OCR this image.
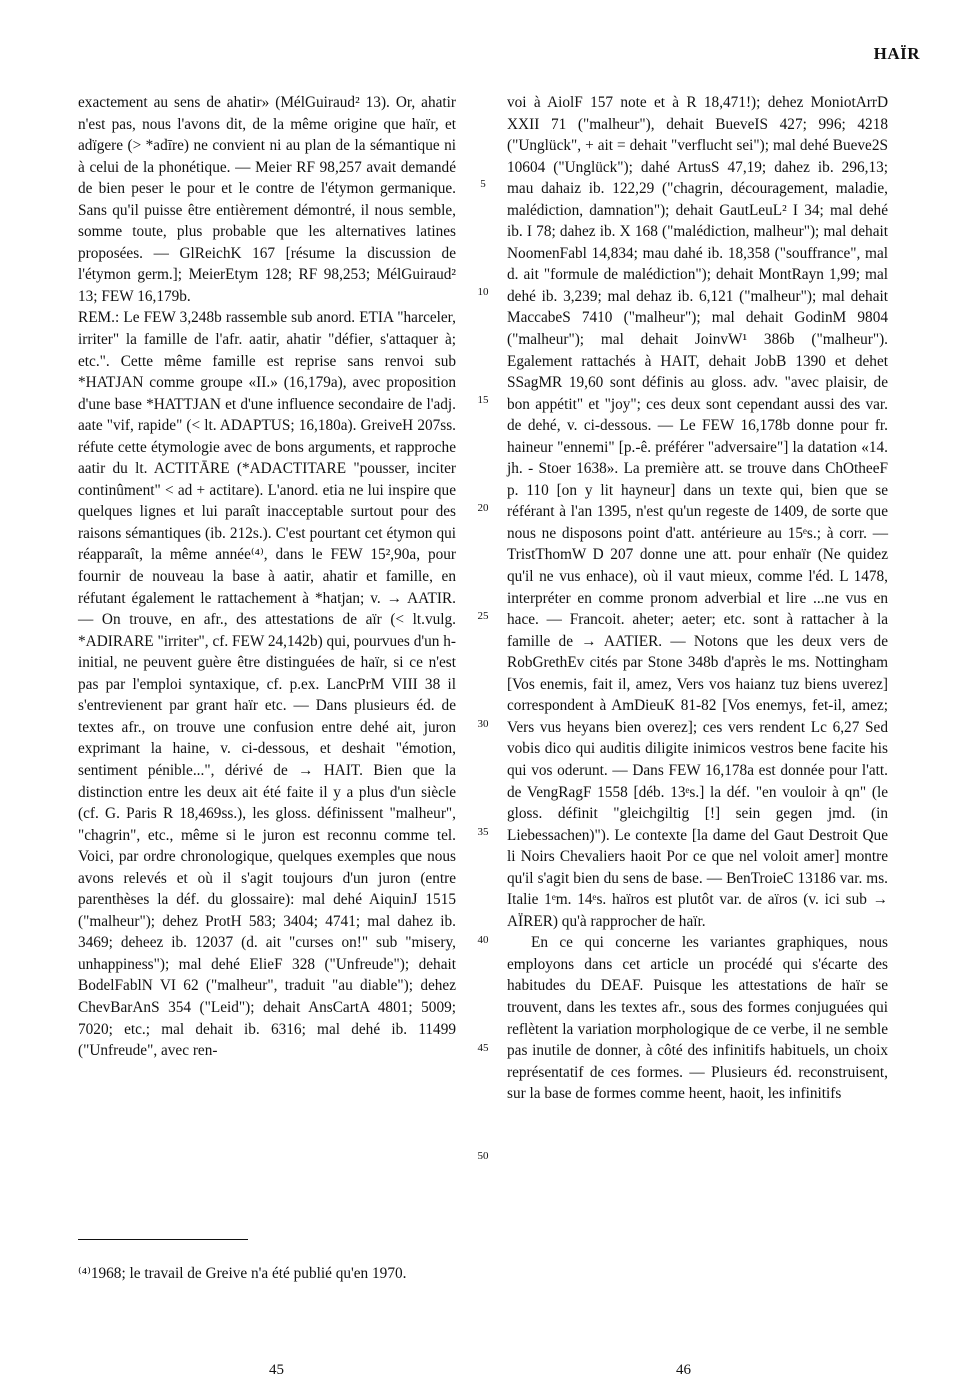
HAÏR

exactement au sens de ahatir» (MélGuiraud² 13). Or, ahatir n'est pas, nous l'avons dit, de la même origine que haïr, et adïgere (> *adīre) ne convient ni au plan de la sémantique ni à celui de la phonétique. — Meier RF 98,257 avait demandé de bien peser le pour et le contre de l'étymon germanique. Sans qu'il puisse être entièrement démontré, il nous semble, somme toute, plus probable que les alternatives latines proposées. — GlReichK 167 [résume la discussion de l'étymon germ.]; MeierEtym 128; RF 98,253; MélGuiraud² 13; FEW 16,179b.

REM.: Le FEW 3,248b rassemble sub anord. ETIA "harceler, irriter" la famille de l'afr. aatir, ahatir "défier, s'attaquer à; etc.". Cette même famille est reprise sans renvoi sub *HATJAN comme groupe «II.» (16,179a), avec proposition d'une base *HATTJAN et d'une influence secondaire de l'adj. aate "vif, rapide" (< lt. ADAPTUS; 16,180a). GreiveH 207ss. réfute cette étymologie avec de bons arguments, et rapproche aatir du lt. ACTITĀRE (*ADACTITARE "pousser, inciter continûment" < ad + actitare). L'anord. etia ne lui inspire que quelques lignes et lui paraît inacceptable surtout pour des raisons sémantiques (ib. 212s.). C'est pourtant cet étymon qui réapparaît, la même année⁽⁴⁾, dans le FEW 15²,90a, pour fournir de nouveau la base à aatir, ahatir et famille, en réfutant également le rattachement à *hatjan; v. → AATIR. — On trouve, en afr., des attestations de aïr (< lt.vulg. *ADIRARE "irriter", cf. FEW 24,142b) qui, pourvues d'un h-initial, ne peuvent guère être distinguées de haïr, si ce n'est pas par l'emploi syntaxique, cf. p.ex. LancPrM VIII 38 il s'entrevienent par grant haïr etc. — Dans plusieurs éd. de textes afr., on trouve une confusion entre dehé ait, juron exprimant la haine, v. ci-dessous, et deshait "émotion, sentiment pénible...", dérivé de → HAIT. Bien que la distinction entre les deux ait été faite il y a plus d'un siècle (cf. G. Paris R 18,469ss.), les gloss. définissent "malheur", "chagrin", etc., même si le juron est reconnu comme tel. Voici, par ordre chronologique, quelques exemples que nous avons relevés et où il s'agit toujours d'un juron (entre parenthèses la déf. du glossaire): mal dehé AiquinJ 1515 ("malheur"); dehez ProtH 583; 3404; 4741; mal dahez ib. 3469; deheez ib. 12037 (d. ait "curses on!" sub "misery, unhappiness"); mal dehé ElieF 328 ("Unfreude"); dehait BodelFablN VI 62 ("malheur", traduit "au diable"); dehez ChevBarAnS 354 ("Leid"); dehait AnsCartA 4801; 5009; 7020; etc.; mal dehait ib. 6316; mal dehé ib. 11499 ("Unfreude", avec ren-

5
10
15
20
25
30
35
40
45
50

voi à AiolF 157 note et à R 18,471!); dehez MoniotArrD XXII 71 ("malheur"), dehait BueveIS 427; 996; 4218 ("Unglück", + ait = dehait "verflucht sei"); mal dehé Bueve2S 10604 ("Unglück"); dahé ArtusS 47,19; dahez ib. 296,13; mau dahaiz ib. 122,29 ("chagrin, découragement, maladie, malédiction, damnation"); dehait GautLeuL² I 34; mal dehé ib. I 78; dahez ib. X 168 ("malédiction, malheur"); mal dehait NoomenFabl 14,834; mau dahé ib. 18,358 ("souffrance", mal d. ait "formule de malédiction"); dehait MontRayn 1,99; mal dehé ib. 3,239; mal dehaz ib. 6,121 ("malheur"); mal dehait MaccabeS 7410 ("malheur"); mal dehait GodinM 9804 ("malheur"); mal dehait JoinvW¹ 386b ("malheur"). Egalement rattachés à HAIT, dehait JobB 1390 et dehet SSagMR 19,60 sont définis au gloss. adv. "avec plaisir, de bon appétit" et "joy"; ces deux sont cependant aussi des var. de dehé, v. ci-dessous. — Le FEW 16,178b donne pour fr. haineur "ennemi" [p.-ê. préférer "adversaire"] la datation «14. jh. - Stoer 1638». La première att. se trouve dans ChOtheeF p. 110 [on y lit hayneur] dans un texte qui, bien que se référant à l'an 1395, n'est qu'un regeste de 1409, de sorte que nous ne disposons point d'att. antérieure au 15ᵉs.; à corr. — TristThomW D 207 donne une att. pour enhaïr (Ne quidez qu'il ne vus enhace), où il vaut mieux, comme l'éd. L 1478, interpréter en comme pronom adverbial et lire ...ne vus en hace. — Francoit. aheter; aeter; etc. sont à rattacher à la famille de → AATIER. — Notons que les deux vers de RobGrethEv cités par Stone 348b d'après le ms. Nottingham [Vos enemis, fait il, amez, Vers vos haianz tuz biens uverez] correspondent à AmDieuK 81-82 [Vos enemys, fet-il, amez; Vers vus heyans bien overez]; ces vers rendent Lc 6,27 Sed vobis dico qui auditis diligite inimicos vestros bene facite his qui vos oderunt. — Dans FEW 16,178a est donnée pour l'att. de VengRagF 1558 [déb. 13ᵉs.] la déf. "en vouloir à qn" (le gloss. définit "gleichgiltig [!] sein gegen jmd. (in Liebessachen)"). Le contexte [la dame del Gaut Destroit Que li Noirs Chevaliers haoit Por ce que nel voloit amer] montre qu'il s'agit bien du sens de base. — BenTroieC 13186 var. ms. Italie 1ᵉm. 14ᵉs. haïros est plutôt var. de aïros (v. ici sub → AÏRER) qu'à rapprocher de haïr.

En ce qui concerne les variantes graphiques, nous employons dans cet article un procédé qui s'écarte des habitudes du DEAF. Puisque les attestations de haïr se trouvent, dans les textes afr., sous des formes conjuguées qui reflètent la variation morphologique de ce verbe, il ne semble pas inutile de donner, à côté des infinitifs habituels, un choix représentatif de ces formes. — Plusieurs éd. reconstruisent, sur la base de formes comme heent, haoit, les infinitifs

⁽⁴⁾1968; le travail de Greive n'a été publié qu'en 1970.
45	46
